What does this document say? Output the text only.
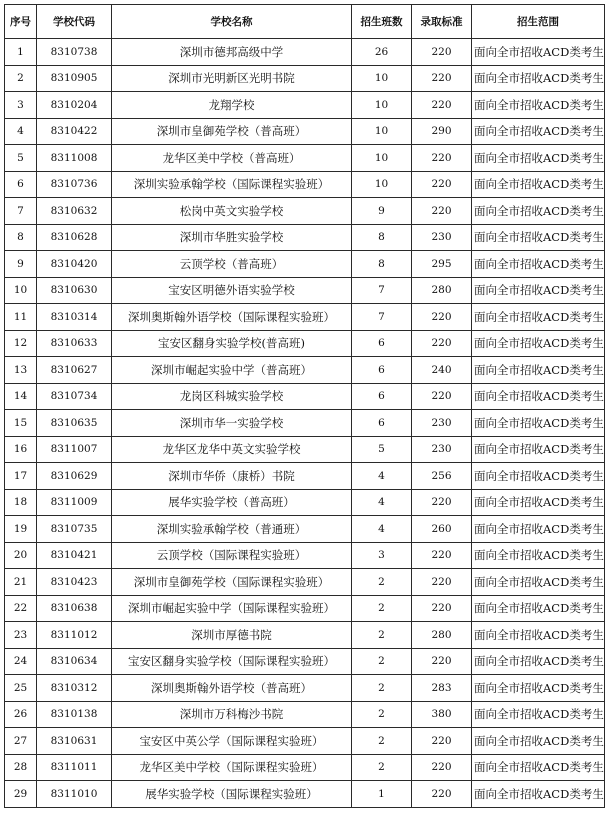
序号	学校代码	学校名称	招生班数	录取标准	招生范围
1	8310738	深圳市德邦高级中学	26	220	面向全市招收ACD类考生
2	8310905	深圳市光明新区光明书院	10	220	面向全市招收ACD类考生
3	8310204	龙翔学校	10	220	面向全市招收ACD类考生
4	8310422	深圳市皇御苑学校（普高班）	10	290	面向全市招收ACD类考生
5	8311008	龙华区美中学校（普高班）	10	220	面向全市招收ACD类考生
6	8310736	深圳实验承翰学校（国际课程实验班）	10	220	面向全市招收ACD类考生
7	8310632	松岗中英文实验学校	9	220	面向全市招收ACD类考生
8	8310628	深圳市华胜实验学校	8	230	面向全市招收ACD类考生
9	8310420	云顶学校（普高班）	8	295	面向全市招收ACD类考生
10	8310630	宝安区明德外语实验学校	7	280	面向全市招收ACD类考生
11	8310314	深圳奥斯翰外语学校（国际课程实验班）	7	220	面向全市招收ACD类考生
12	8310633	宝安区翻身实验学校(普高班)	6	220	面向全市招收ACD类考生
13	8310627	深圳市崛起实验中学（普高班）	6	240	面向全市招收ACD类考生
14	8310734	龙岗区科城实验学校	6	220	面向全市招收ACD类考生
15	8310635	深圳市华一实验学校	6	230	面向全市招收ACD类考生
16	8311007	龙华区龙华中英文实验学校	5	230	面向全市招收ACD类考生
17	8310629	深圳市华侨（康桥）书院	4	256	面向全市招收ACD类考生
18	8311009	展华实验学校（普高班）	4	220	面向全市招收ACD类考生
19	8310735	深圳实验承翰学校（普通班）	4	260	面向全市招收ACD类考生
20	8310421	云顶学校（国际课程实验班）	3	220	面向全市招收ACD类考生
21	8310423	深圳市皇御苑学校（国际课程实验班）	2	220	面向全市招收ACD类考生
22	8310638	深圳市崛起实验中学（国际课程实验班）	2	220	面向全市招收ACD类考生
23	8311012	深圳市厚德书院	2	280	面向全市招收ACD类考生
24	8310634	宝安区翻身实验学校（国际课程实验班）	2	220	面向全市招收ACD类考生
25	8310312	深圳奥斯翰外语学校（普高班）	2	283	面向全市招收ACD类考生
26	8310138	深圳市万科梅沙书院	2	380	面向全市招收ACD类考生
27	8310631	宝安区中英公学（国际课程实验班）	2	220	面向全市招收ACD类考生
28	8311011	龙华区美中学校（国际课程实验班）	2	220	面向全市招收ACD类考生
29	8311010	展华实验学校（国际课程实验班）	1	220	面向全市招收ACD类考生
